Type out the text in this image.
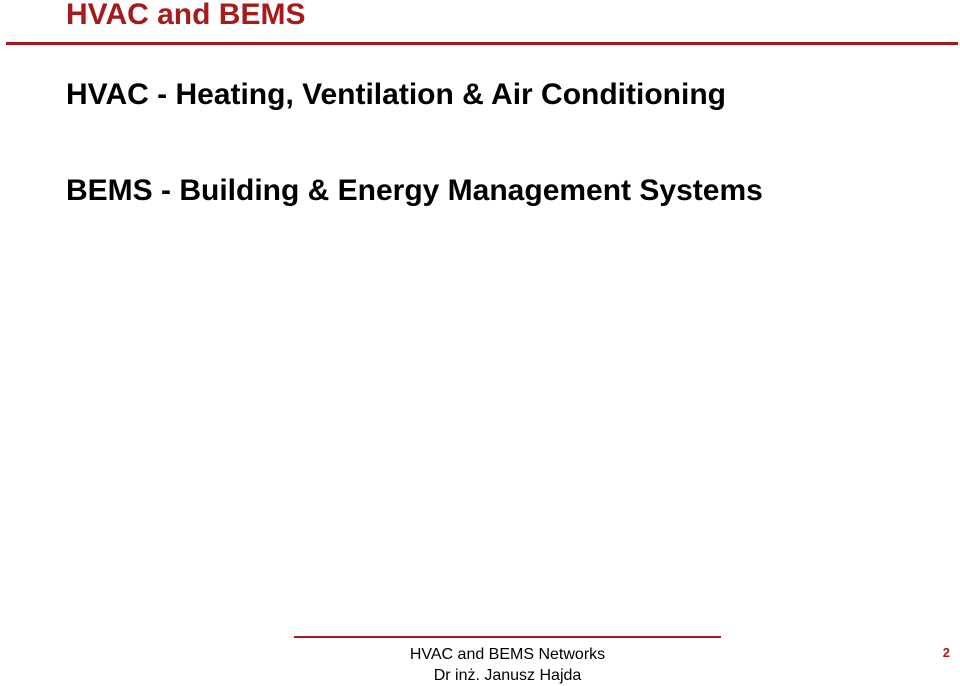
HVAC and BEMS
HVAC - Heating, Ventilation & Air Conditioning
BEMS - Building & Energy Management Systems
HVAC and BEMS Networks
Dr inż. Janusz Hajda
2
